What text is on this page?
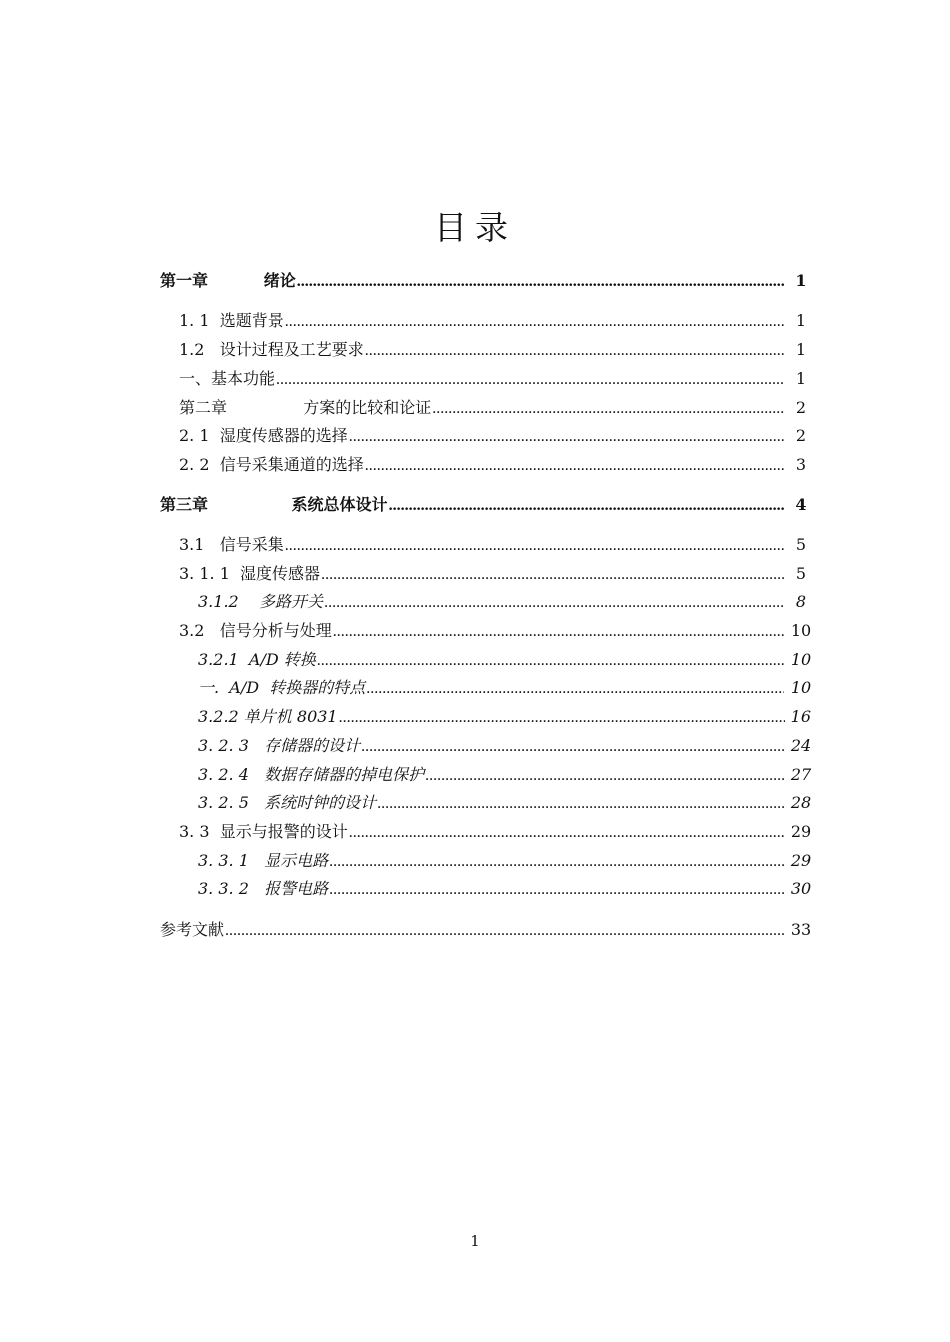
目录
第一章          绪论 .....	1
1. 1  选题背景 .....	1
1.2   设计过程及工艺要求 .....	1
一、基本功能 .....	1
第二章               方案的比较和论证 .....	2
2. 1  湿度传感器的选择 .....	2
2. 2  信号采集通道的选择 .....	3
第三章               系统总体设计 .....	4
3.1   信号采集 .....	5
3. 1. 1  湿度传感器 .....	5
3.1.2    多路开关 .....	8
3.2   信号分析与处理 .....	10
3.2.1  A/D 转换 .....	10
一.  A/D  转换器的特点 .....	10
3.2.2 单片机 8031 .....	16
3. 2. 3   存储器的设计 .....	24
3. 2. 4   数据存储器的掉电保护 .....	27
3. 2. 5   系统时钟的设计 .....	28
3. 3  显示与报警的设计 .....	29
3. 3. 1   显示电路 .....	29
3. 3. 2   报警电路 .....	30
参考文献 .....	33
1
